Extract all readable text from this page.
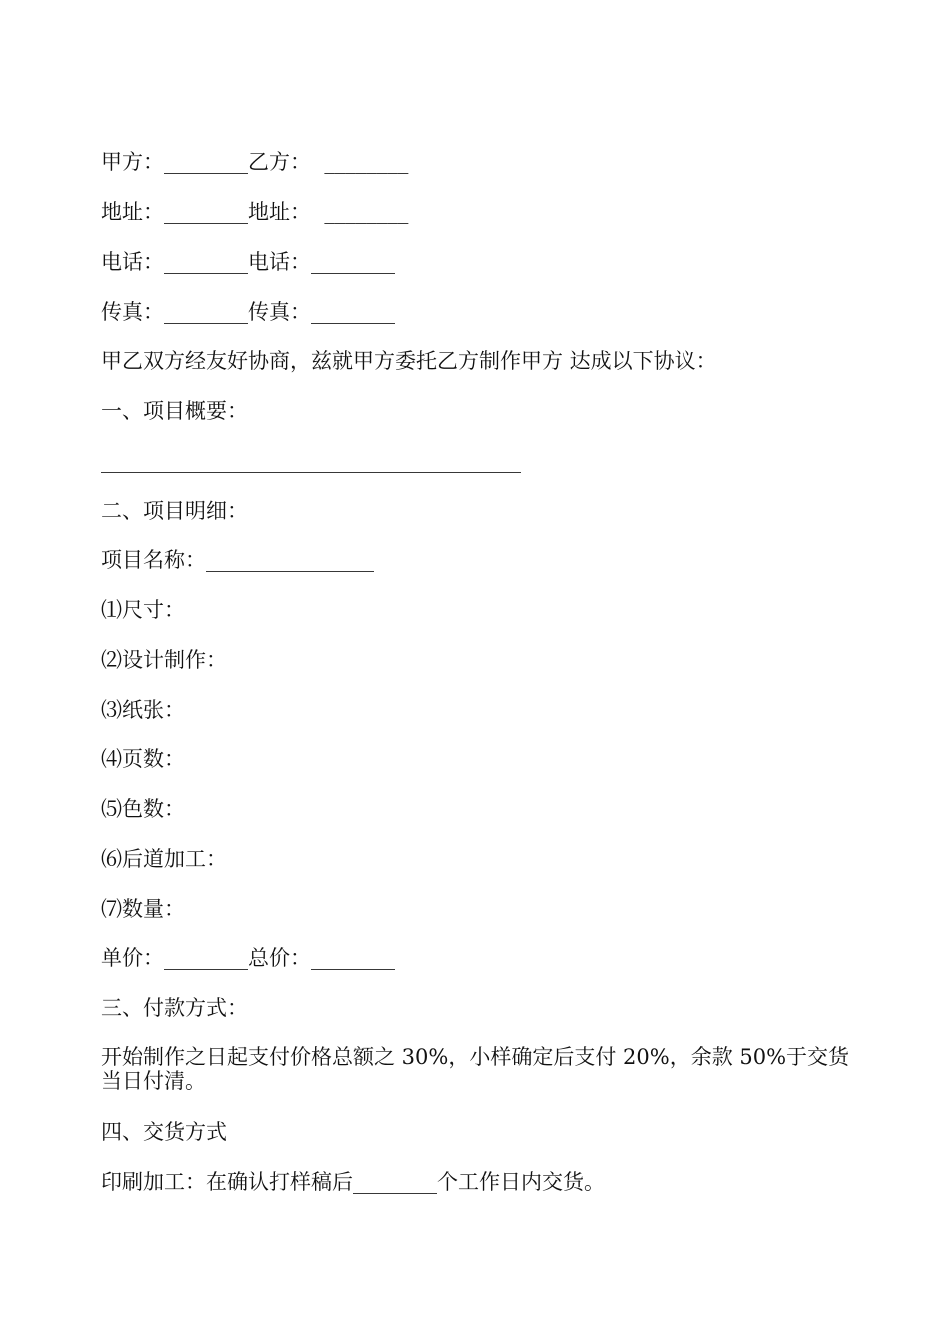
甲方：________乙方：  ________
地址：________地址：  ________
电话：________电话：________
传真：________传真：________
甲乙双方经友好协商，兹就甲方委托乙方制作甲方 达成以下协议：
一、项目概要：
________________________________________
二、项目明细：
项目名称：________________
⑴尺寸：
⑵设计制作：
⑶纸张：
⑷页数：
⑸色数：
⑹后道加工：
⑺数量：
单价：________总价：________
三、付款方式：
开始制作之日起支付价格总额之 30%，小样确定后支付 20%，余款 50%于交货当日付清。
四、交货方式
印刷加工：在确认打样稿后________个工作日内交货。
